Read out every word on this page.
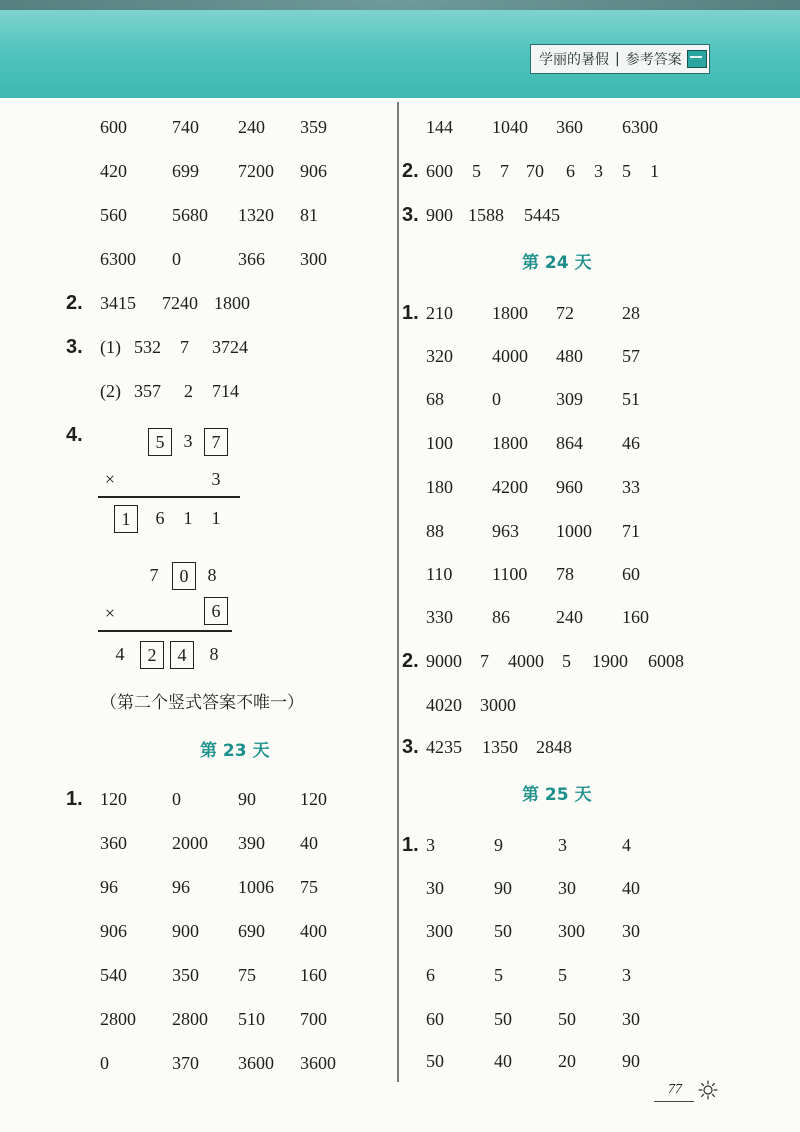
学丽的暑假 | 参考答案
600	740 240 359
420	699 7200 906
560	5680 1320 81
6300 0	366 300
2. 3415 7240 1800
3. (1) 532 7 3724
(2) 357 2 714
4.	5	3	7
×	3
1	6	1	1
7	0	8
×	6
4	2	4	8
（第二个竖式答案不唯一）
第 23 天
1. 120	0	90 120
360	2000 390 40
96	96	1006 75
906	900 690 400
540	350 75 160
2800 2800 510 700
0	370 3600 3600
144 1040 360 6300
2. 600 5 7 70 6 3 5 1
3. 900 1588 5445
第 24 天
1. 210 1800 72	28
320 4000 480 57
68	0	309 51
100 1800 864 46
180 4200 960 33
88	963 1000 71
110 1100 78	60
330 86	240 160
2. 9000 7 4000 5 1900 6008
4020 3000
3. 4235 1350 2848
第 25 天
1. 3	9	3	4
30	90	30	40
300 50	300 30
6	5	5	3
60	50	50	30
50	40	20	90
77
